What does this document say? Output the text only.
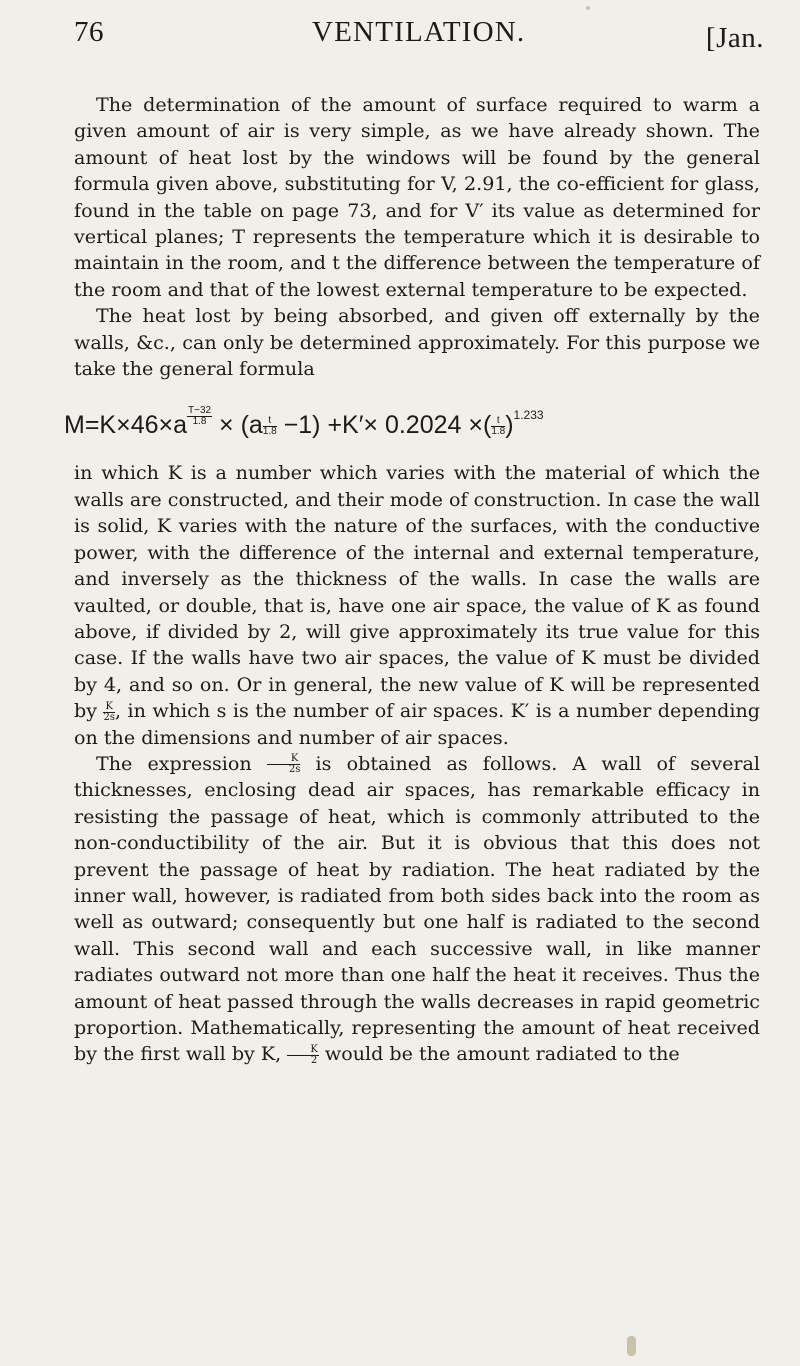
76	VENTILATION.	[Jan.

The determination of the amount of surface required to warm a given amount of air is very simple, as we have already shown. The amount of heat lost by the windows will be found by the general formula given above, substituting for V, 2.91, the co-efficient for glass, found in the table on page 73, and for V′ its value as determined for vertical planes; T represents the temperature which it is desirable to maintain in the room, and t the difference between the temperature of the room and that of the lowest external temperature to be expected.

The heat lost by being absorbed, and given off externally by the walls, &c., can only be determined approximately. For this purpose we take the general formula

$M=K\times 46\times a \frac{T-32}{1.8} \times (a \frac{t}{1.8} -1) +K'\times 0.2024$ ×( $\frac{t}{1.8} )^{1.233}$

in which K is a number which varies with the material of which the walls are constructed, and their mode of construction. In case the wall is solid, K varies with the nature of the surfaces, with the conductive power, with the difference of the internal and external temperature, and inversely as the thickness of the walls. In case the walls are vaulted, or double, that is, have one air space, the value of K as found above, if divided by 2, will give approximately its true value for this case. If the walls have two air spaces, the value of K must be divided by 4, and so on. Or in general, the new value of K will be represented by $\frac{K}{2s}$ , in which s is the number of air spaces. K′ is a number depending on the dimensions and number of air spaces.

The expression $\frac{K}{2s}$ is obtained as follows. A wall of several thicknesses, enclosing dead air spaces, has remarkable efficacy in resisting the passage of heat, which is commonly attributed to the non-conductibility of the air. But it is obvious that this does not prevent the passage of heat by radiation. The heat radiated by the inner wall, however, is radiated from both sides back into the room as well as outward; consequently but one half is radiated to the second wall. This second wall and each successive wall, in like manner radiates outward not more than one half the heat it receives. Thus the amount of heat passed through the walls decreases in rapid geometric proportion. Mathematically, representing the amount of heat received by the first wall by K, $\frac{K}{2}$ would be the amount radiated to the
